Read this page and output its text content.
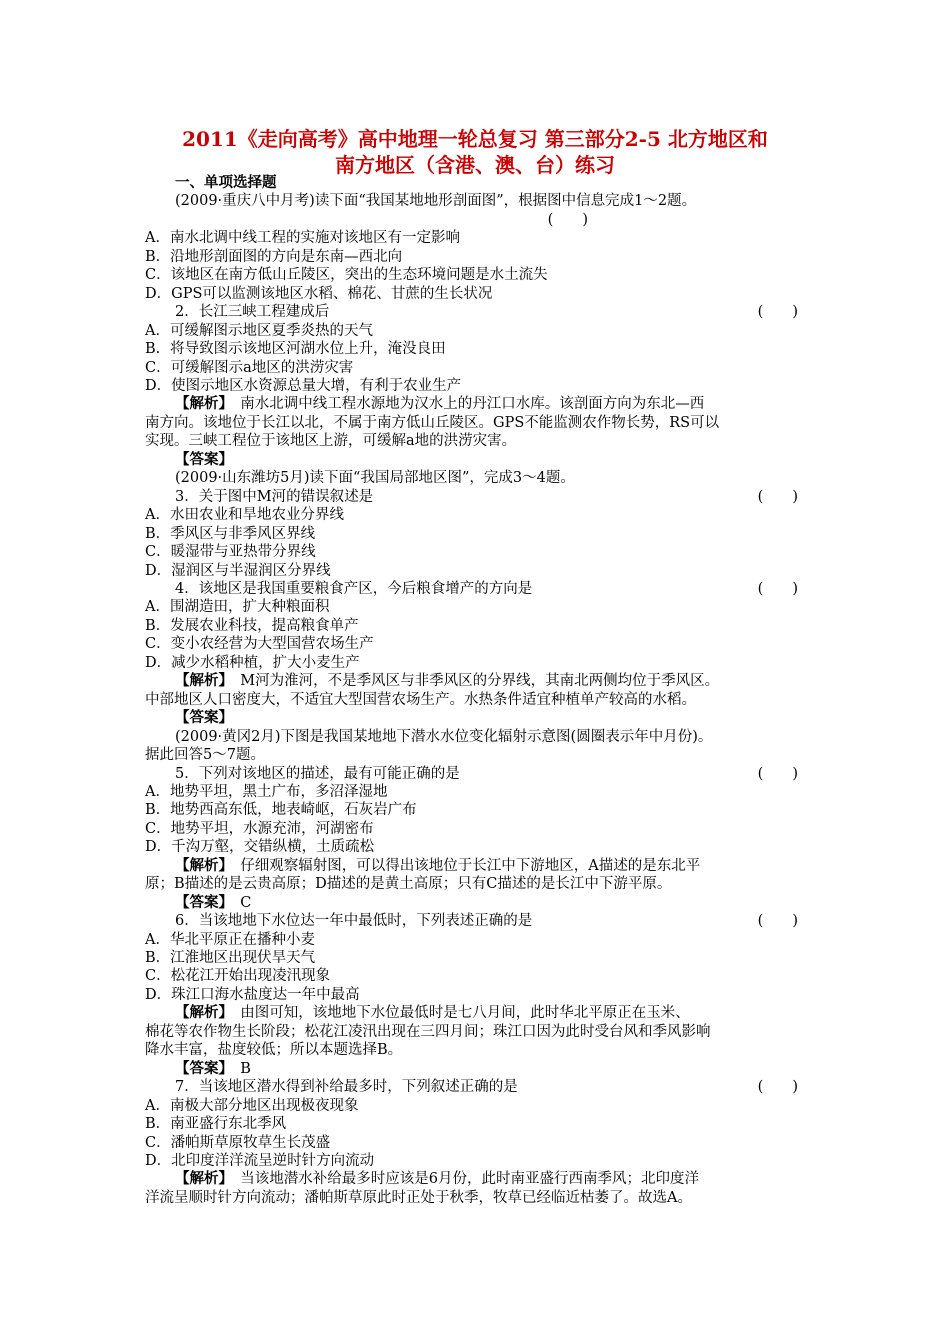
2011《走向高考》高中地理一轮总复习 第三部分2-5 北方地区和
南方地区（含港、澳、台）练习
一、单项选择题
(2009·重庆八中月考)读下面“我国某地地形剖面图”，根据图中信息完成1～2题。
(　　)
A．南水北调中线工程的实施对该地区有一定影响
B．沿地形剖面图的方向是东南—西北向
C．该地区在南方低山丘陵区，突出的生态环境问题是水土流失
D．GPS可以监测该地区水稻、棉花、甘蔗的生长状况
2．长江三峡工程建成后	(　　)
A．可缓解图示地区夏季炎热的天气
B．将导致图示该地区河湖水位上升，淹没良田
C．可缓解图示a地区的洪涝灾害
D．使图示地区水资源总量大增，有利于农业生产
【解析】　南水北调中线工程水源地为汉水上的丹江口水库。该剖面方向为东北—西
南方向。该地位于长江以北，不属于南方低山丘陵区。GPS不能监测农作物长势，RS可以
实现。三峡工程位于该地区上游，可缓解a地的洪涝灾害。
【答案】
(2009·山东潍坊5月)读下面“我国局部地区图”，完成3～4题。
3．关于图中M河的错误叙述是	(　　)
A．水田农业和旱地农业分界线
B．季风区与非季风区界线
C．暖湿带与亚热带分界线
D．湿润区与半湿润区分界线
4．该地区是我国重要粮食产区，今后粮食增产的方向是	(　　)
A．围湖造田，扩大种粮面积
B．发展农业科技，提高粮食单产
C．变小农经营为大型国营农场生产
D．减少水稻种植，扩大小麦生产
【解析】　M河为淮河，不是季风区与非季风区的分界线，其南北两侧均位于季风区。
中部地区人口密度大，不适宜大型国营农场生产。水热条件适宜种植单产较高的水稻。
【答案】
(2009·黄冈2月)下图是我国某地地下潜水水位变化辐射示意图(圆圈表示年中月份)。
据此回答5～7题。
5．下列对该地区的描述，最有可能正确的是	(　　)
A．地势平坦，黑土广布，多沼泽湿地
B．地势西高东低，地表崎岖，石灰岩广布
C．地势平坦，水源充沛，河湖密布
D．千沟万壑，交错纵横，土质疏松
【解析】　仔细观察辐射图，可以得出该地位于长江中下游地区，A描述的是东北平
原；B描述的是云贵高原；D描述的是黄土高原；只有C描述的是长江中下游平原。
【答案】　C
6．当该地地下水位达一年中最低时，下列表述正确的是	(　　)
A．华北平原正在播种小麦
B．江淮地区出现伏旱天气
C．松花江开始出现凌汛现象
D．珠江口海水盐度达一年中最高
【解析】　由图可知，该地地下水位最低时是七八月间，此时华北平原正在玉米、
棉花等农作物生长阶段；松花江凌汛出现在三四月间；珠江口因为此时受台风和季风影响
降水丰富，盐度较低；所以本题选择B。
【答案】　B
7．当该地区潜水得到补给最多时，下列叙述正确的是	(　　)
A．南极大部分地区出现极夜现象
B．南亚盛行东北季风
C．潘帕斯草原牧草生长茂盛
D．北印度洋洋流呈逆时针方向流动
【解析】　当该地潜水补给最多时应该是6月份，此时南亚盛行西南季风；北印度洋
洋流呈顺时针方向流动；潘帕斯草原此时正处于秋季，牧草已经临近枯萎了。故选A。
